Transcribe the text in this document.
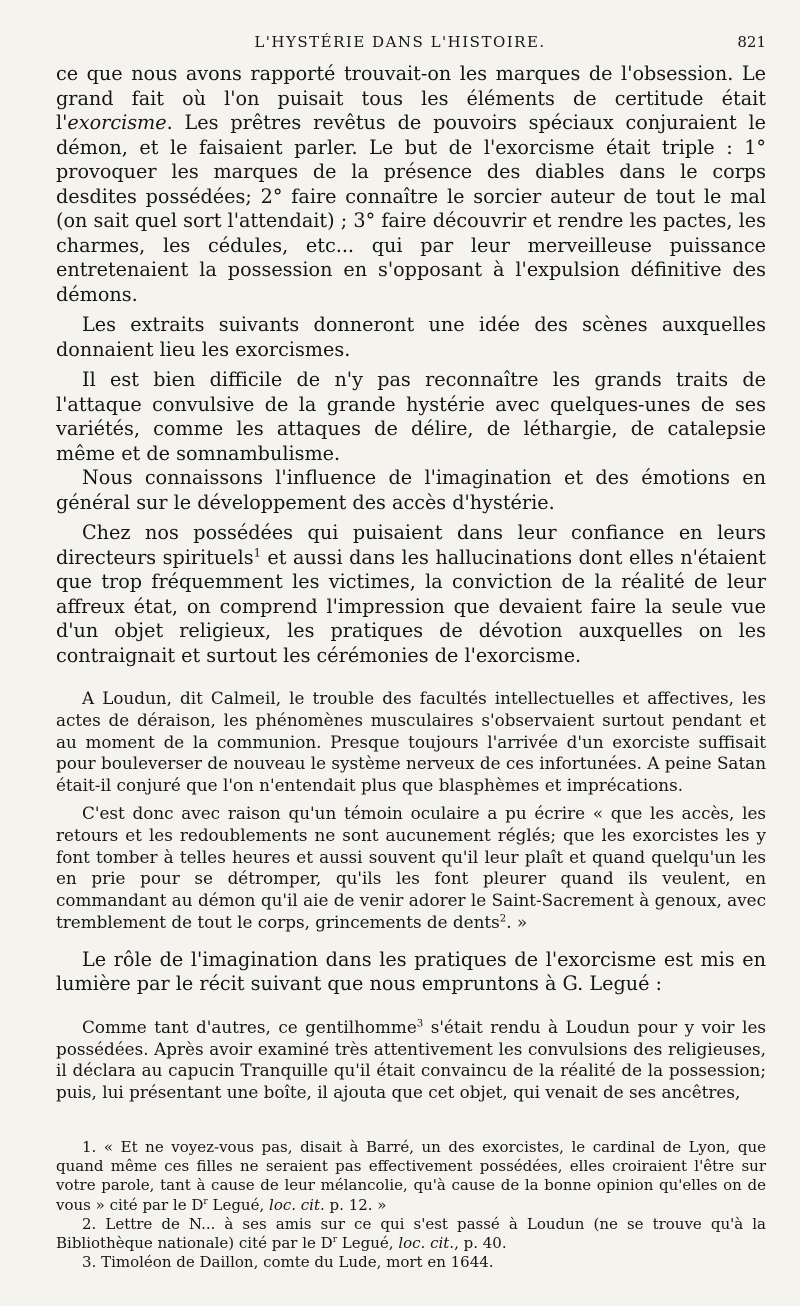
L'HYSTÉRIE DANS L'HISTOIRE.	821

ce que nous avons rapporté trouvait-on les marques de l'obsession. Le grand fait où l'on puisait tous les éléments de certitude était l'exorcisme. Les prêtres revêtus de pouvoirs spéciaux conjuraient le démon, et le faisaient parler. Le but de l'exorcisme était triple : 1° provoquer les marques de la présence des diables dans le corps desdites possédées; 2° faire connaître le sorcier auteur de tout le mal (on sait quel sort l'attendait) ; 3° faire découvrir et rendre les pactes, les charmes, les cédules, etc... qui par leur merveilleuse puissance entretenaient la possession en s'opposant à l'expulsion définitive des démons.

Les extraits suivants donneront une idée des scènes auxquelles donnaient lieu les exorcismes.

Il est bien difficile de n'y pas reconnaître les grands traits de l'attaque convulsive de la grande hystérie avec quelques-unes de ses variétés, comme les attaques de délire, de léthargie, de catalepsie même et de somnambulisme.

Nous connaissons l'influence de l'imagination et des émotions en général sur le développement des accès d'hystérie.

Chez nos possédées qui puisaient dans leur confiance en leurs directeurs spirituels$^1$ et aussi dans les hallucinations dont elles n'étaient que trop fréquemment les victimes, la conviction de la réalité de leur affreux état, on comprend l'impression que devaient faire la seule vue d'un objet religieux, les pratiques de dévotion auxquelles on les contraignait et surtout les cérémonies de l'exorcisme.

A Loudun, dit Calmeil, le trouble des facultés intellectuelles et affectives, les actes de déraison, les phénomènes musculaires s'observaient surtout pendant et au moment de la communion. Presque toujours l'arrivée d'un exorciste suffisait pour bouleverser de nouveau le système nerveux de ces infortunées. A peine Satan était-il conjuré que l'on n'entendait plus que blasphèmes et imprécations.

C'est donc avec raison qu'un témoin oculaire a pu écrire « que les accès, les retours et les redoublements ne sont aucunement réglés; que les exorcistes les y font tomber à telles heures et aussi souvent qu'il leur plaît et quand quelqu'un les en prie pour se détromper, qu'ils les font pleurer quand ils veulent, en commandant au démon qu'il aie de venir adorer le Saint-Sacrement à genoux, avec tremblement de tout le corps, grincements de dents$^2$. »

Le rôle de l'imagination dans les pratiques de l'exorcisme est mis en lumière par le récit suivant que nous empruntons à G. Legué :

Comme tant d'autres, ce gentilhomme$^3$ s'était rendu à Loudun pour y voir les possédées. Après avoir examiné très attentivement les convulsions des religieuses, il déclara au capucin Tranquille qu'il était convaincu de la réalité de la possession; puis, lui présentant une boîte, il ajouta que cet objet, qui venait de ses ancêtres,

1. « Et ne voyez-vous pas, disait à Barré, un des exorcistes, le cardinal de Lyon, que quand même ces filles ne seraient pas effectivement possédées, elles croiraient l'être sur votre parole, tant à cause de leur mélancolie, qu'à cause de la bonne opinion qu'elles on de vous » cité par le $D^r$ Legué, loc. cit. p. 12. »

2. Lettre de N... à ses amis sur ce qui s'est passé à Loudun (ne se trouve qu'à la Bibliothèque nationale) cité par le $D^r$ Legué, loc. cit., p. 40.

3. Timoléon de Daillon, comte du Lude, mort en 1644.
